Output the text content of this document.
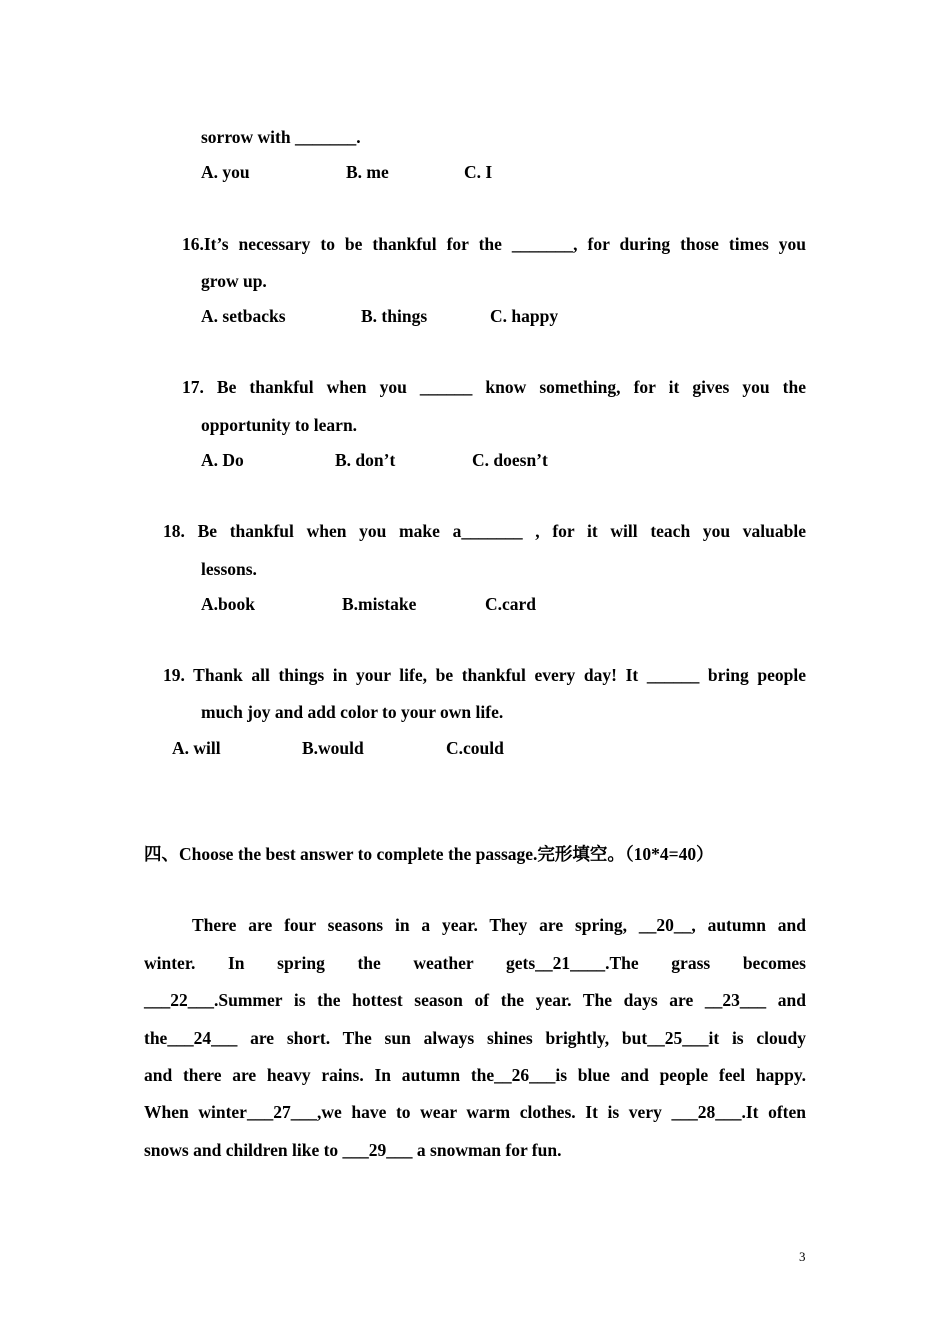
sorrow with _______.
A. you	B. me	C. I
16.It’s necessary to be thankful for the _______, for during those times you
grow up.
A. setbacks	B. things	C. happy
17. Be thankful when you ______ know something, for it gives you the
opportunity to learn.
A. Do	B. don’t	C. doesn’t
18. Be thankful when you make a_______ , for it will teach you valuable
lessons.
A.book	B.mistake	C.card
19. Thank all things in your life, be thankful every day! It ______ bring people
much joy and add color to your own life.
A. will	B.would	C.could
四、Choose the best answer to complete the passage.完形填空。（10*4=40）
There are four seasons in a year. They are spring, __20__, autumn and
winter. In spring the weather gets__21____.The grass becomes
___22___.Summer is the hottest season of the year. The days are __23___ and
the___24___ are short. The sun always shines brightly, but__25___it is cloudy
and there are heavy rains. In autumn the__26___is blue and people feel happy.
When winter___27___,we have to wear warm clothes. It is very ___28___.It often
snows and children like to ___29___ a snowman for fun.
3
